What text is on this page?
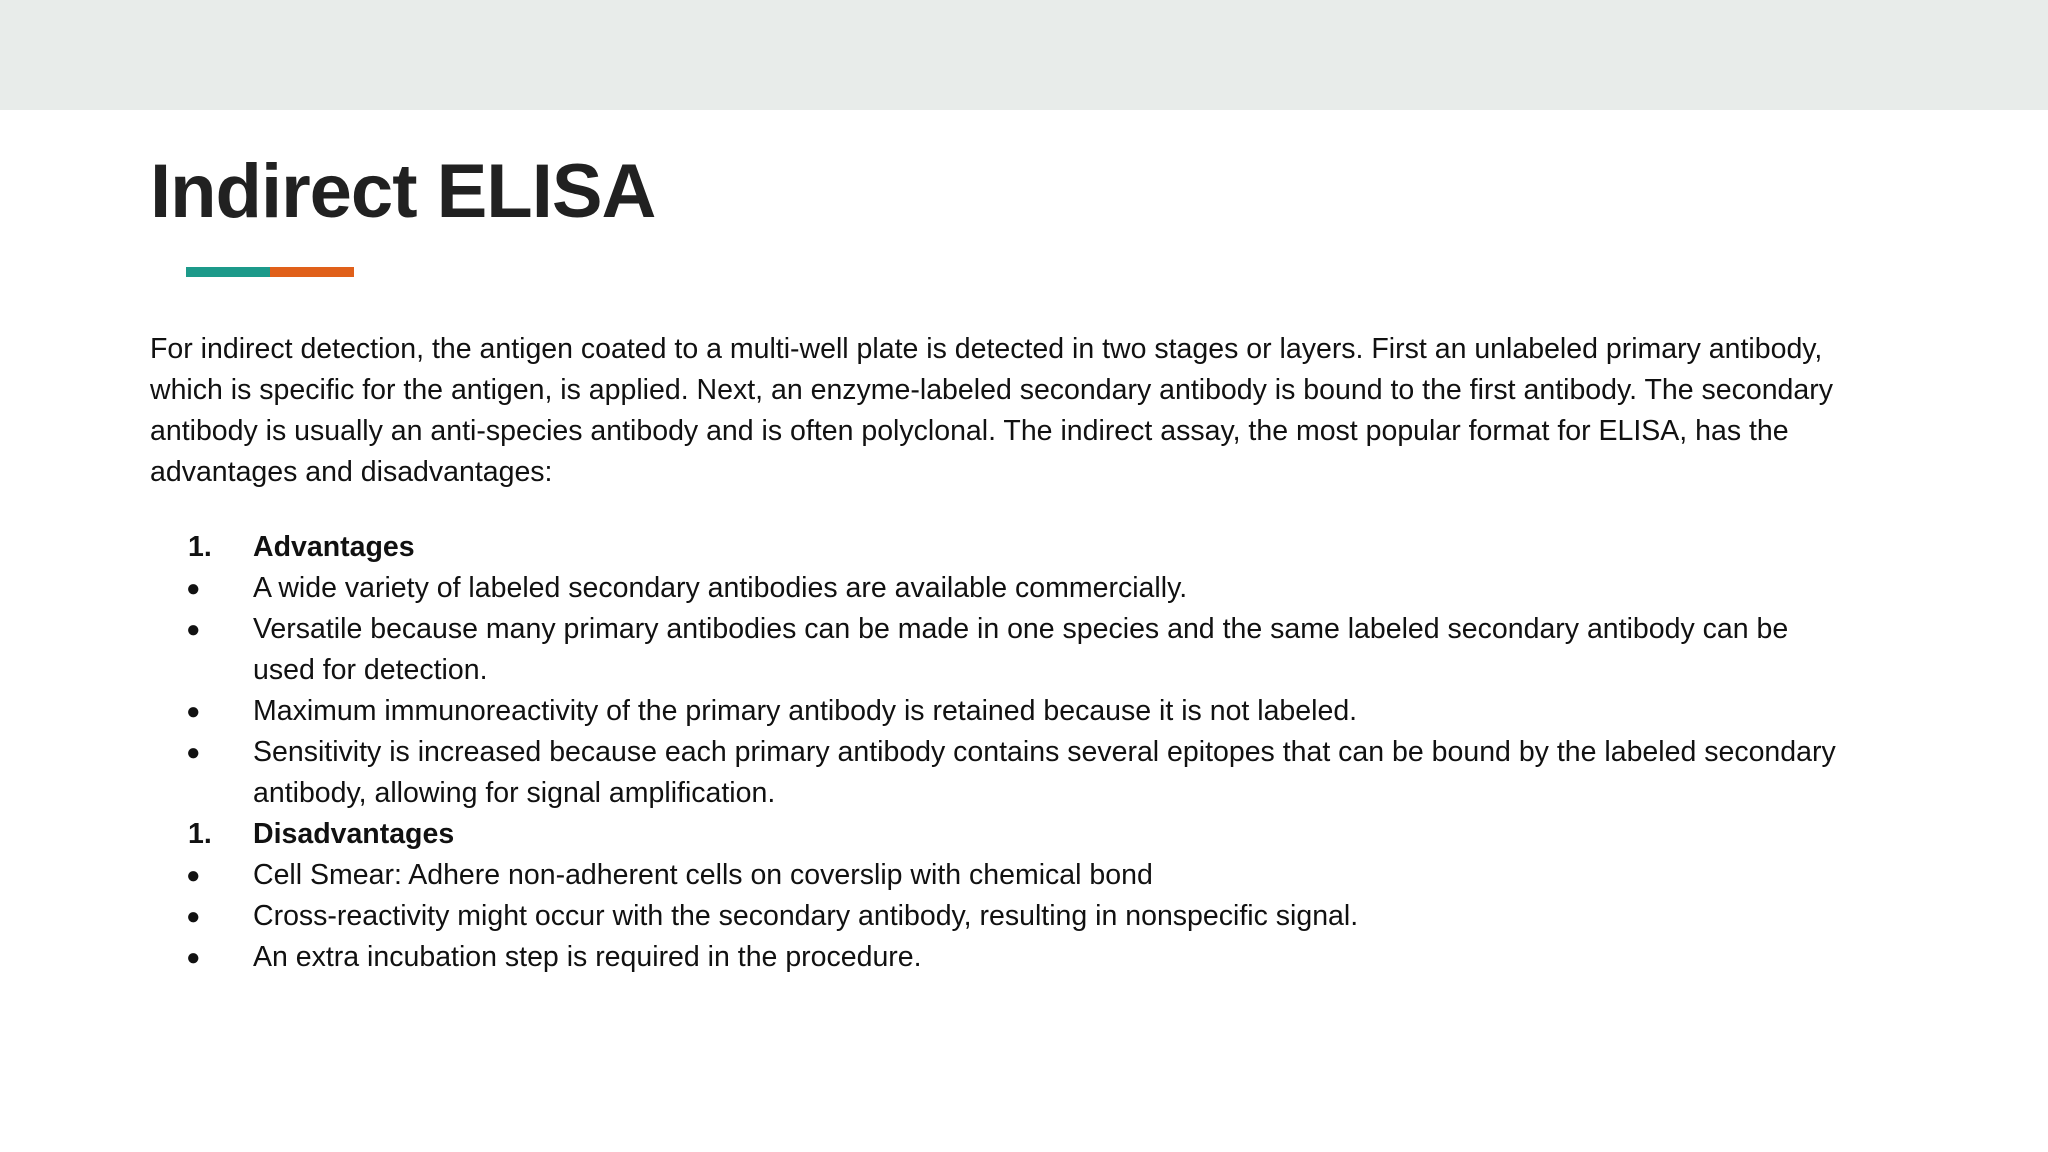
Indirect ELISA

For indirect detection, the antigen coated to a multi-well plate is detected in two stages or layers. First an unlabeled primary antibody, which is specific for the antigen, is applied. Next, an enzyme-labeled secondary antibody is bound to the first antibody. The secondary antibody is usually an anti-species antibody and is often polyclonal. The indirect assay, the most popular format for ELISA, has the advantages and disadvantages:

1.	Advantages
●	A wide variety of labeled secondary antibodies are available commercially.
●	Versatile because many primary antibodies can be made in one species and the same labeled secondary antibody can be used for detection.
●	Maximum immunoreactivity of the primary antibody is retained because it is not labeled.
●	Sensitivity is increased because each primary antibody contains several epitopes that can be bound by the labeled secondary antibody, allowing for signal amplification.
1.	Disadvantages
●	Cell Smear: Adhere non-adherent cells on coverslip with chemical bond
●	Cross-reactivity might occur with the secondary antibody, resulting in nonspecific signal.
●	An extra incubation step is required in the procedure.
